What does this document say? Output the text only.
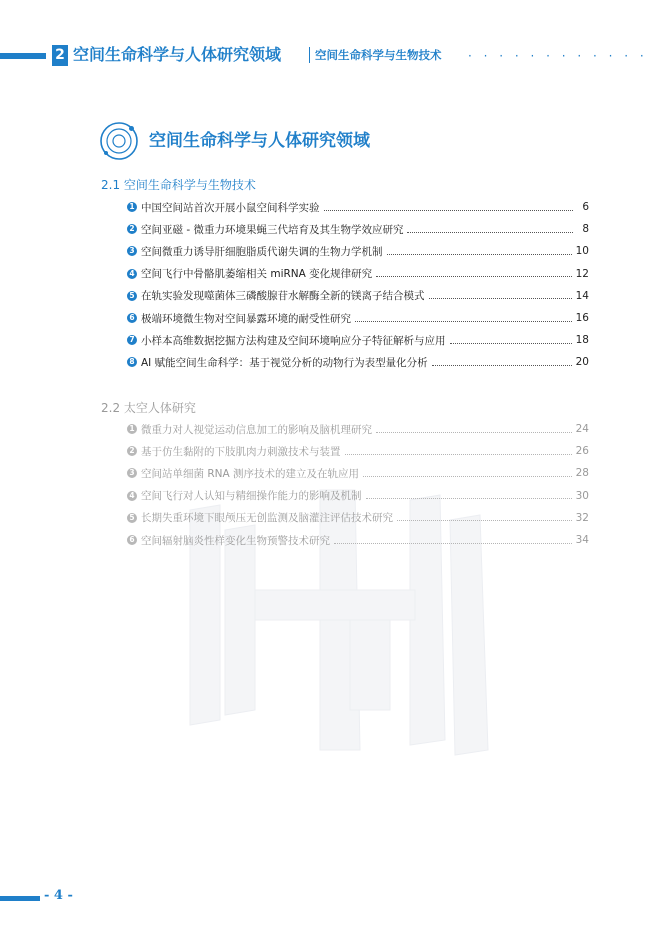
2 空间生命科学与人体研究领域	空间生命科学与生物技术 · · · · · · · · · · · ·
空间生命科学与人体研究领域
2.1 空间生命科学与生物技术
1 中国空间站首次开展小鼠空间科学实验	6
2 空间亚磁 - 微重力环境果蝇三代培育及其生物学效应研究	8
3 空间微重力诱导肝细胞脂质代谢失调的生物力学机制	10
4 空间飞行中骨骼肌萎缩相关 miRNA 变化规律研究	12
5 在轨实验发现噬菌体三磷酸腺苷水解酶全新的镁离子结合模式	14
6 极端环境微生物对空间暴露环境的耐受性研究	16
7 小样本高维数据挖掘方法构建及空间环境响应分子特征解析与应用	18
8 AI 赋能空间生命科学：基于视觉分析的动物行为表型量化分析	20
2.2 太空人体研究
1 微重力对人视觉运动信息加工的影响及脑机理研究	24
2 基于仿生黏附的下肢肌肉力刺激技术与装置	26
3 空间站单细菌 RNA 测序技术的建立及在轨应用	28
4 空间飞行对人认知与精细操作能力的影响及机制	30
5 长期失重环境下眼颅压无创监测及脑灌注评估技术研究	32
6 空间辐射脑炎性样变化生物预警技术研究	34
- 4 -
